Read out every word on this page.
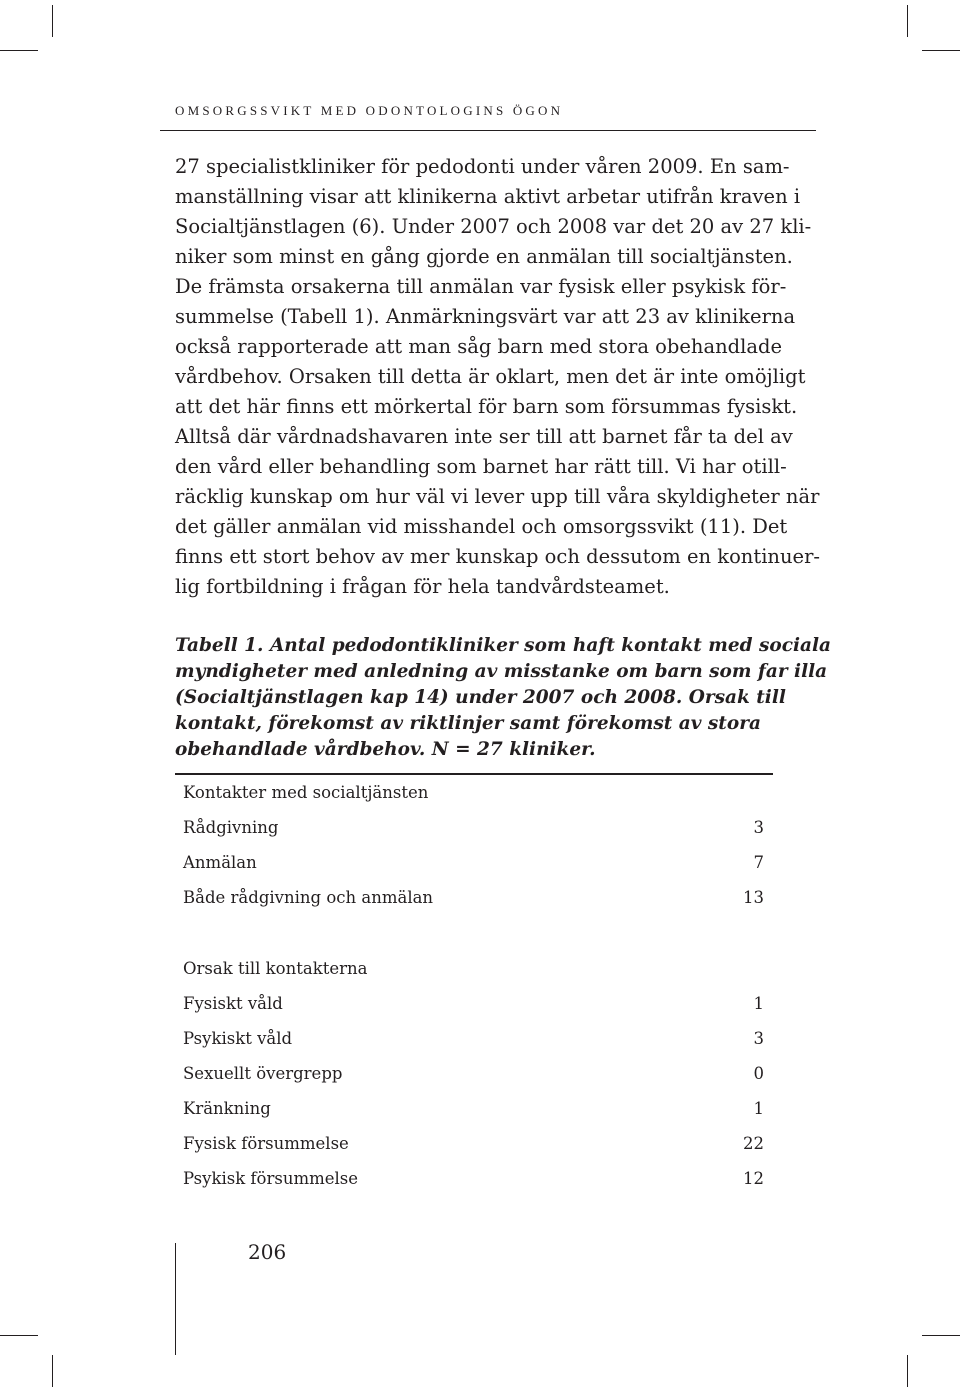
OMSORGSSVIKT MED ODONTOLOGINS ÖGON
27 specialistkliniker för pedodonti under våren 2009. En sam-
manställning visar att klinikerna aktivt arbetar utifrån kraven i
Socialtjänstlagen (6). Under 2007 och 2008 var det 20 av 27 kli-
niker som minst en gång gjorde en anmälan till socialtjänsten.
De främsta orsakerna till anmälan var fysisk eller psykisk för-
summelse (Tabell 1). Anmärkningsvärt var att 23 av klinikerna
också rapporterade att man såg barn med stora obehandlade
vårdbehov. Orsaken till detta är oklart, men det är inte omöjligt
att det här finns ett mörkertal för barn som försummas fysiskt.
Alltså där vårdnadshavaren inte ser till att barnet får ta del av
den vård eller behandling som barnet har rätt till. Vi har otill-
räcklig kunskap om hur väl vi lever upp till våra skyldigheter när
det gäller anmälan vid misshandel och omsorgssvikt (11). Det
finns ett stort behov av mer kunskap och dessutom en kontinuer-
lig fortbildning i frågan för hela tandvårdsteamet.
Tabell 1. Antal pedodontikliniker som haft kontakt med sociala
myndigheter med anledning av misstanke om barn som far illa
(Socialtjänstlagen kap 14) under 2007 och 2008. Orsak till
kontakt, förekomst av riktlinjer samt förekomst av stora
obehandlade vårdbehov. N = 27 kliniker.
Kontakter med socialtjänsten
Rådgivning	3
Anmälan	7
Både rådgivning och anmälan	13
Orsak till kontakterna
Fysiskt våld	1
Psykiskt våld	3
Sexuellt övergrepp	0
Kränkning	1
Fysisk försummelse	22
Psykisk försummelse	12
206
